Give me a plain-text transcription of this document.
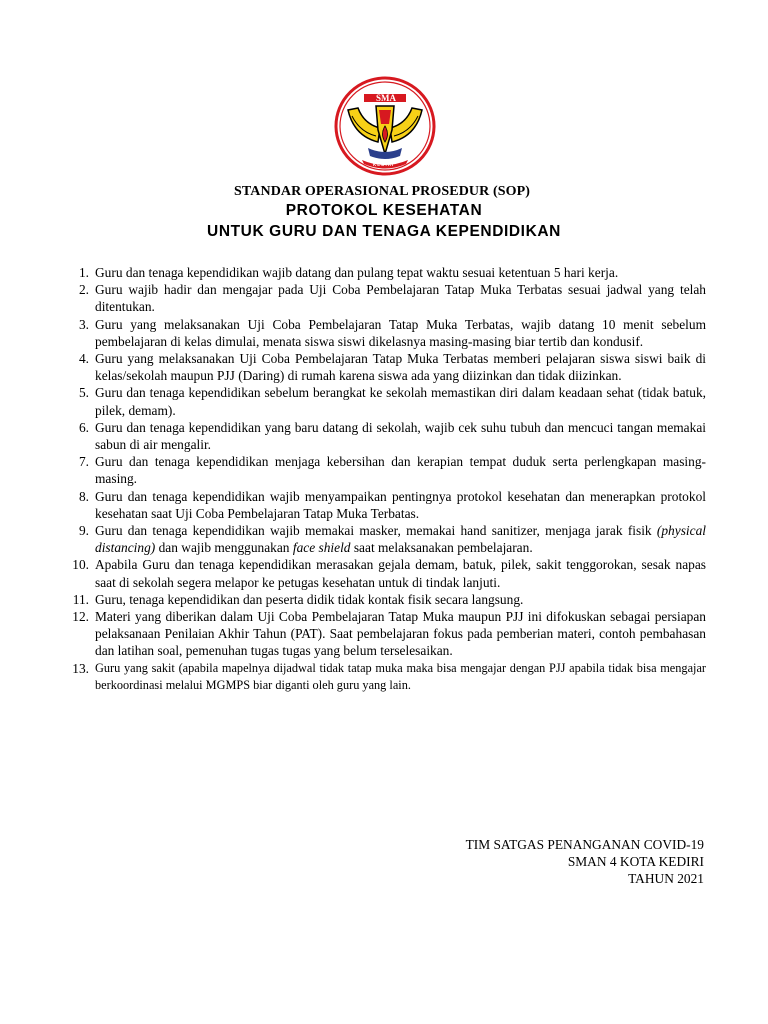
SMA
KEDIRI
STANDAR OPERASIONAL PROSEDUR (SOP)
PROTOKOL KESEHATAN
UNTUK GURU DAN TENAGA KEPENDIDIKAN
1. Guru dan tenaga kependidikan wajib datang dan pulang tepat waktu sesuai ketentuan 5 hari kerja.
2. Guru wajib hadir dan mengajar pada Uji Coba Pembelajaran Tatap Muka Terbatas sesuai jadwal yang telah ditentukan.
3. Guru yang melaksanakan Uji Coba Pembelajaran Tatap Muka Terbatas, wajib datang 10 menit sebelum pembelajaran di kelas dimulai, menata siswa siswi dikelasnya masing-masing biar tertib dan kondusif.
4. Guru yang melaksanakan Uji Coba Pembelajaran Tatap Muka Terbatas memberi pelajaran siswa siswi baik di kelas/sekolah maupun PJJ (Daring) di rumah karena siswa ada yang diizinkan dan tidak diizinkan.
5. Guru dan tenaga kependidikan sebelum berangkat ke sekolah memastikan diri dalam keadaan sehat (tidak batuk, pilek, demam).
6. Guru dan tenaga kependidikan yang baru datang di sekolah, wajib cek suhu tubuh dan mencuci tangan memakai sabun di air mengalir.
7. Guru dan tenaga kependidikan menjaga kebersihan dan kerapian tempat duduk serta perlengkapan masing-masing.
8. Guru dan tenaga kependidikan wajib menyampaikan pentingnya protokol kesehatan dan menerapkan protokol kesehatan saat Uji Coba Pembelajaran Tatap Muka Terbatas.
9. Guru dan tenaga kependidikan wajib memakai masker, memakai hand sanitizer, menjaga jarak fisik (physical distancing) dan wajib menggunakan face shield saat melaksanakan pembelajaran.
10. Apabila Guru dan tenaga kependidikan merasakan gejala demam, batuk, pilek, sakit tenggorokan, sesak napas saat di sekolah segera melapor ke petugas kesehatan untuk di tindak lanjuti.
11. Guru, tenaga kependidikan dan peserta didik tidak kontak fisik secara langsung.
12. Materi yang diberikan dalam Uji Coba Pembelajaran Tatap Muka maupun PJJ ini difokuskan sebagai persiapan pelaksanaan Penilaian Akhir Tahun (PAT). Saat pembelajaran fokus pada pemberian materi, contoh pembahasan dan latihan soal, pemenuhan tugas tugas yang belum terselesaikan.
13. Guru yang sakit (apabila mapelnya dijadwal tidak tatap muka maka bisa mengajar dengan PJJ apabila tidak bisa mengajar berkoordinasi melalui MGMPS biar diganti oleh guru yang lain.
TIM SATGAS PENANGANAN COVID-19
SMAN 4 KOTA KEDIRI
TAHUN 2021
